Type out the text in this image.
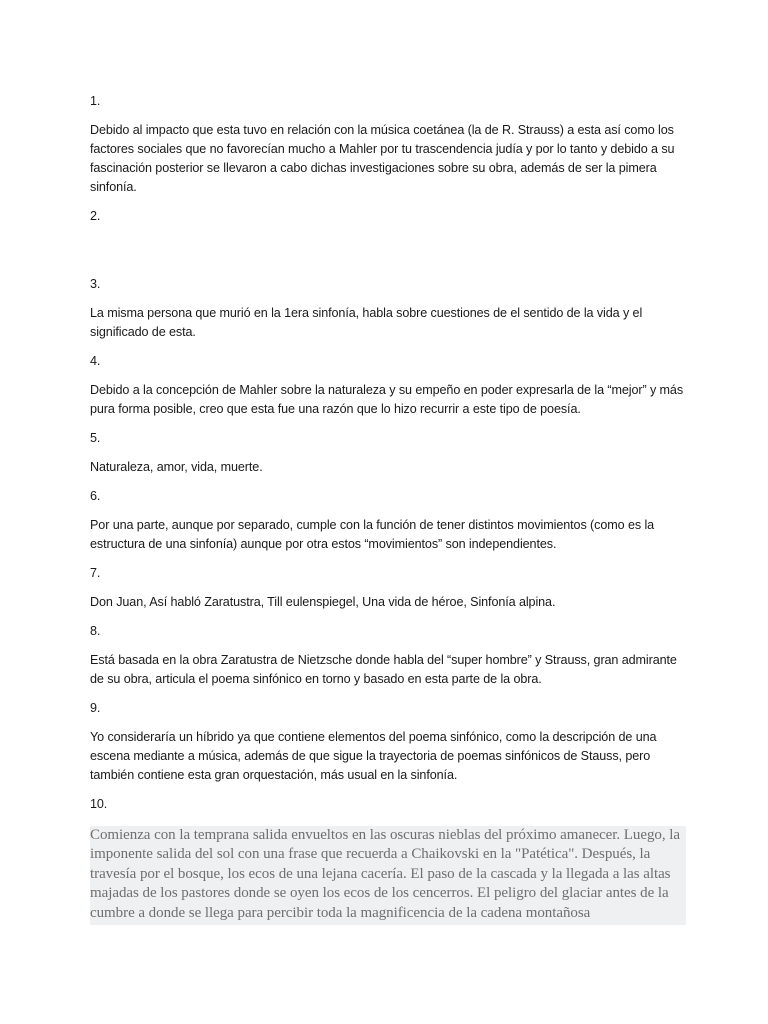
1.

Debido al impacto que esta tuvo en relación con la música coetánea (la de R. Strauss) a esta así como los factores sociales que no favorecían mucho a Mahler por tu trascendencia judía y por lo tanto y debido a su fascinación posterior se llevaron a cabo dichas investigaciones sobre su obra, además de ser la pimera sinfonía.

2.

3.

La misma persona que murió en la 1era sinfonía, habla sobre cuestiones de el sentido de la vida y el significado de esta.

4.

Debido a la concepción de Mahler sobre la naturaleza y su empeño en poder expresarla de la “mejor” y más pura forma posible, creo que esta fue una razón que lo hizo recurrir a este tipo de poesía.

5.

Naturaleza, amor, vida, muerte.

6.

Por una parte, aunque por separado, cumple con la función de tener distintos movimientos (como es la estructura de una sinfonía) aunque por otra estos “movimientos” son independientes.

7.

Don Juan, Así habló Zaratustra, Till eulenspiegel, Una vida de héroe, Sinfonía alpina.

8.

Está basada en la obra Zaratustra de Nietzsche donde habla del “super hombre” y Strauss, gran admirante de su obra, articula el poema sinfónico en torno y basado en esta parte de la obra.

9.

Yo consideraría un híbrido ya que contiene elementos del poema sinfónico, como la descripción de una escena mediante a música, además de que sigue la trayectoria de poemas sinfónicos de Stauss, pero también contiene esta gran orquestación, más usual en la sinfonía.

10.

Comienza con la temprana salida envueltos en las oscuras nieblas del próximo amanecer. Luego, la imponente salida del sol con una frase que recuerda a Chaikovski en la "Patética". Después, la travesía por el bosque, los ecos de una lejana cacería. El paso de la cascada y la llegada a las altas majadas de los pastores donde se oyen los ecos de los cencerros. El peligro del glaciar antes de la cumbre a donde se llega para percibir toda la magnificencia de la cadena montañosa
